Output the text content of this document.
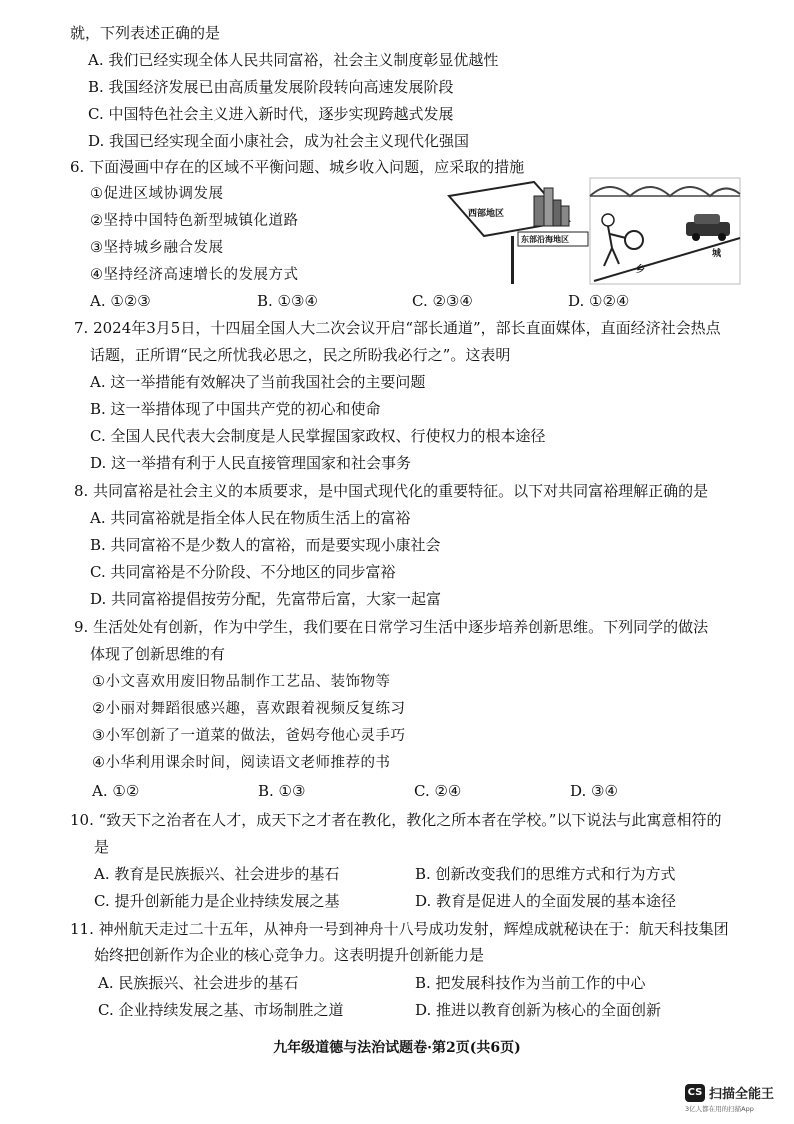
就，下列表述正确的是
A. 我们已经实现全体人民共同富裕，社会主义制度彰显优越性
B. 我国经济发展已由高质量发展阶段转向高速发展阶段
C. 中国特色社会主义进入新时代，逐步实现跨越式发展
D. 我国已经实现全面小康社会，成为社会主义现代化强国
6. 下面漫画中存在的区域不平衡问题、城乡收入问题，应采取的措施
①促进区域协调发展
②坚持中国特色新型城镇化道路
③坚持城乡融合发展
④坚持经济高速增长的发展方式
A. ①②③	B. ①③④	C. ②③④	D. ①②④
西部地区
东部沿海地区
乡
城
7. 2024年3月5日，十四届全国人大二次会议开启“部长通道”，部长直面媒体，直面经济社会热点
话题，正所谓“民之所忧我必思之，民之所盼我必行之”。这表明
A. 这一举措能有效解决了当前我国社会的主要问题
B. 这一举措体现了中国共产党的初心和使命
C. 全国人民代表大会制度是人民掌握国家政权、行使权力的根本途径
D. 这一举措有利于人民直接管理国家和社会事务
8. 共同富裕是社会主义的本质要求，是中国式现代化的重要特征。以下对共同富裕理解正确的是
A. 共同富裕就是指全体人民在物质生活上的富裕
B. 共同富裕不是少数人的富裕，而是要实现小康社会
C. 共同富裕是不分阶段、不分地区的同步富裕
D. 共同富裕提倡按劳分配，先富带后富，大家一起富
9. 生活处处有创新，作为中学生，我们要在日常学习生活中逐步培养创新思维。下列同学的做法
体现了创新思维的有
①小文喜欢用废旧物品制作工艺品、装饰物等
②小丽对舞蹈很感兴趣，喜欢跟着视频反复练习
③小军创新了一道菜的做法，爸妈夸他心灵手巧
④小华利用课余时间，阅读语文老师推荐的书
A. ①②	B. ①③	C. ②④	D. ③④
10. “致天下之治者在人才，成天下之才者在教化，教化之所本者在学校。”以下说法与此寓意相符的
是
A. 教育是民族振兴、社会进步的基石	B. 创新改变我们的思维方式和行为方式
C. 提升创新能力是企业持续发展之基	D. 教育是促进人的全面发展的基本途径
11. 神州航天走过二十五年，从神舟一号到神舟十八号成功发射，辉煌成就秘诀在于：航天科技集团
始终把创新作为企业的核心竞争力。这表明提升创新能力是
A. 民族振兴、社会进步的基石	B. 把发展科技作为当前工作的中心
C. 企业持续发展之基、市场制胜之道	D. 推进以教育创新为核心的全面创新
九年级道德与法治试题卷·第2页(共6页)
CS 扫描全能王
3亿人都在用的扫描App
